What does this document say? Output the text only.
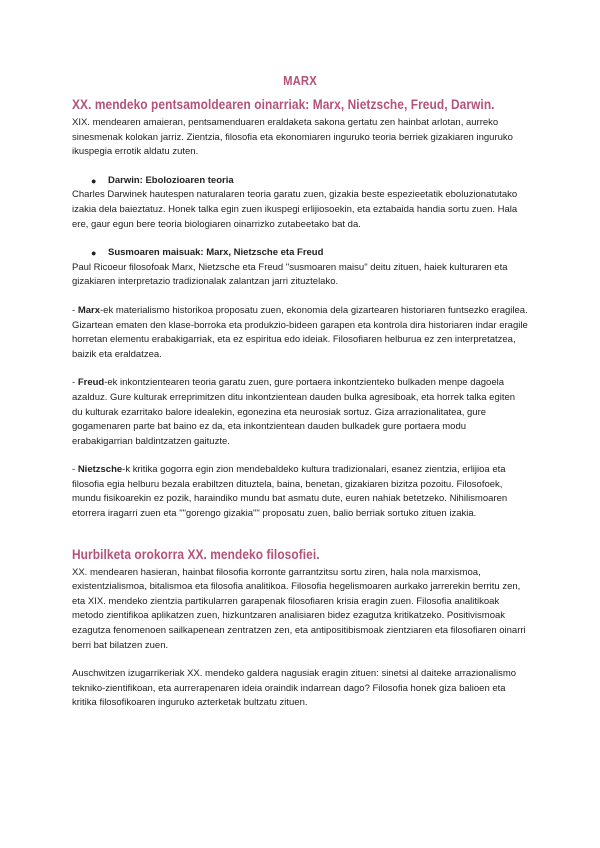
MARX
XX. mendeko pentsamoldearen oinarriak: Marx, Nietzsche, Freud, Darwin.

XIX. mendearen amaieran, pentsamenduaren eraldaketa sakona gertatu zen hainbat arlotan, aurreko sinesmenak kolokan jarriz. Zientzia, filosofia eta ekonomiaren inguruko teoria berriek gizakiaren inguruko ikuspegia errotik aldatu zuten.

● Darwin: Ebolozioaren teoria

Charles Darwinek hautespen naturalaren teoria garatu zuen, gizakia beste espezieetatik eboluzionatutako izakia dela baieztatuz. Honek talka egin zuen ikuspegi erlijiosoekin, eta eztabaida handia sortu zuen. Hala ere, gaur egun bere teoria biologiaren oinarrizko zutabeetako bat da.

● Susmoaren maisuak: Marx, Nietzsche eta Freud

Paul Ricoeur filosofoak Marx, Nietzsche eta Freud "susmoaren maisu" deitu zituen, haiek kulturaren eta gizakiaren interpretazio tradizionalak zalantzan jarri zituztelako.

- Marx-ek materialismo historikoa proposatu zuen, ekonomia dela gizartearen historiaren funtsezko eragilea. Gizartean ematen den klase-borroka eta produkzio-bideen garapen eta kontrola dira historiaren indar eragile horretan elementu erabakigarriak, eta ez espiritua edo ideiak. Filosofiaren helburua ez zen interpretatzea, baizik eta eraldatzea.

- Freud-ek inkontzientearen teoria garatu zuen, gure portaera inkontzienteko bulkaden menpe dagoela azalduz. Gure kulturak erreprimitzen ditu inkontzientean dauden bulka agresiboak, eta horrek talka egiten du kulturak ezarritako balore idealekin, egonezina eta neurosiak sortuz. Giza arrazionalitatea, gure gogamenaren parte bat baino ez da, eta inkontzientean dauden bulkadek gure portaera modu erabakigarrian baldintzatzen gaituzte.

- Nietzsche-k kritika gogorra egin zion mendebaldeko kultura tradizionalari, esanez zientzia, erlijioa eta filosofia egia helburu bezala erabiltzen dituztela, baina, benetan, gizakiaren bizitza pozoitu. Filosofoek, mundu fisikoarekin ez pozik, haraindiko mundu bat asmatu dute, euren nahiak betetzeko. Nihilismoaren etorrera iragarri zuen eta ""gorengo gizakia"" proposatu zuen, balio berriak sortuko zituen izakia.

Hurbilketa orokorra XX. mendeko filosofiei.

XX. mendearen hasieran, hainbat filosofia korronte garrantzitsu sortu ziren, hala nola marxismoa, existentzialismoa, bitalismoa eta filosofia analitikoa. Filosofia hegelismoaren aurkako jarrerekin berritu zen, eta XIX. mendeko zientzia partikularren garapenak filosofiaren krisia eragin zuen. Filosofia analitikoak metodo zientifikoa aplikatzen zuen, hizkuntzaren analisiaren bidez ezagutza kritikatzeko. Positivismoak ezagutza fenomenoen sailkapenean zentratzen zen, eta antipositibismoak zientziaren eta filosofiaren oinarri berri bat bilatzen zuen.

Auschwitzen izugarrikeriak XX. mendeko galdera nagusiak eragin zituen: sinetsi al daiteke arrazionalismo tekniko-zientifikoan, eta aurrerapenaren ideia oraindik indarrean dago? Filosofia honek giza balioen eta kritika filosofikoaren inguruko azterketak bultzatu zituen.
